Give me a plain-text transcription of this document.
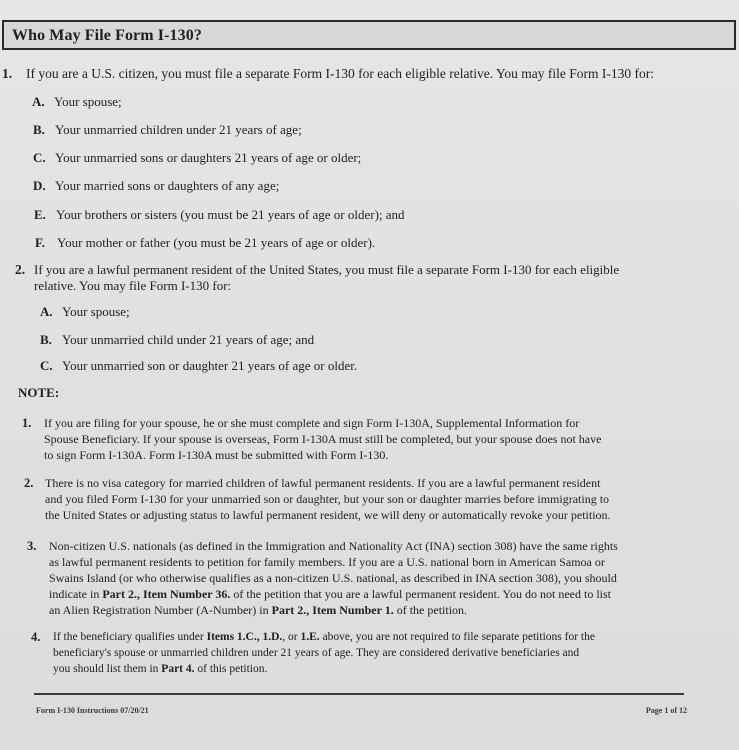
Who May File Form I-130?
1. If you are a U.S. citizen, you must file a separate Form I-130 for each eligible relative. You may file Form I-130 for:
A. Your spouse;
B. Your unmarried children under 21 years of age;
C. Your unmarried sons or daughters 21 years of age or older;
D. Your married sons or daughters of any age;
E. Your brothers or sisters (you must be 21 years of age or older); and
F. Your mother or father (you must be 21 years of age or older).
2. If you are a lawful permanent resident of the United States, you must file a separate Form I-130 for each eligible
relative. You may file Form I-130 for:
A. Your spouse;
B. Your unmarried child under 21 years of age; and
C. Your unmarried son or daughter 21 years of age or older.
NOTE:
1. If you are filing for your spouse, he or she must complete and sign Form I-130A, Supplemental Information for
Spouse Beneficiary. If your spouse is overseas, Form I-130A must still be completed, but your spouse does not have
to sign Form I-130A. Form I-130A must be submitted with Form I-130.
2. There is no visa category for married children of lawful permanent residents. If you are a lawful permanent resident
and you filed Form I-130 for your unmarried son or daughter, but your son or daughter marries before immigrating to
the United States or adjusting status to lawful permanent resident, we will deny or automatically revoke your petition.
3. Non-citizen U.S. nationals (as defined in the Immigration and Nationality Act (INA) section 308) have the same rights
as lawful permanent residents to petition for family members. If you are a U.S. national born in American Samoa or
Swains Island (or who otherwise qualifies as a non-citizen U.S. national, as described in INA section 308), you should
indicate in Part 2., Item Number 36. of the petition that you are a lawful permanent resident. You do not need to list
an Alien Registration Number (A-Number) in Part 2., Item Number 1. of the petition.
4. If the beneficiary qualifies under Items 1.C., 1.D., or 1.E. above, you are not required to file separate petitions for the
beneficiary's spouse or unmarried children under 21 years of age. They are considered derivative beneficiaries and
you should list them in Part 4. of this petition.
Form I-130 Instructions 07/20/21	Page 1 of 12
